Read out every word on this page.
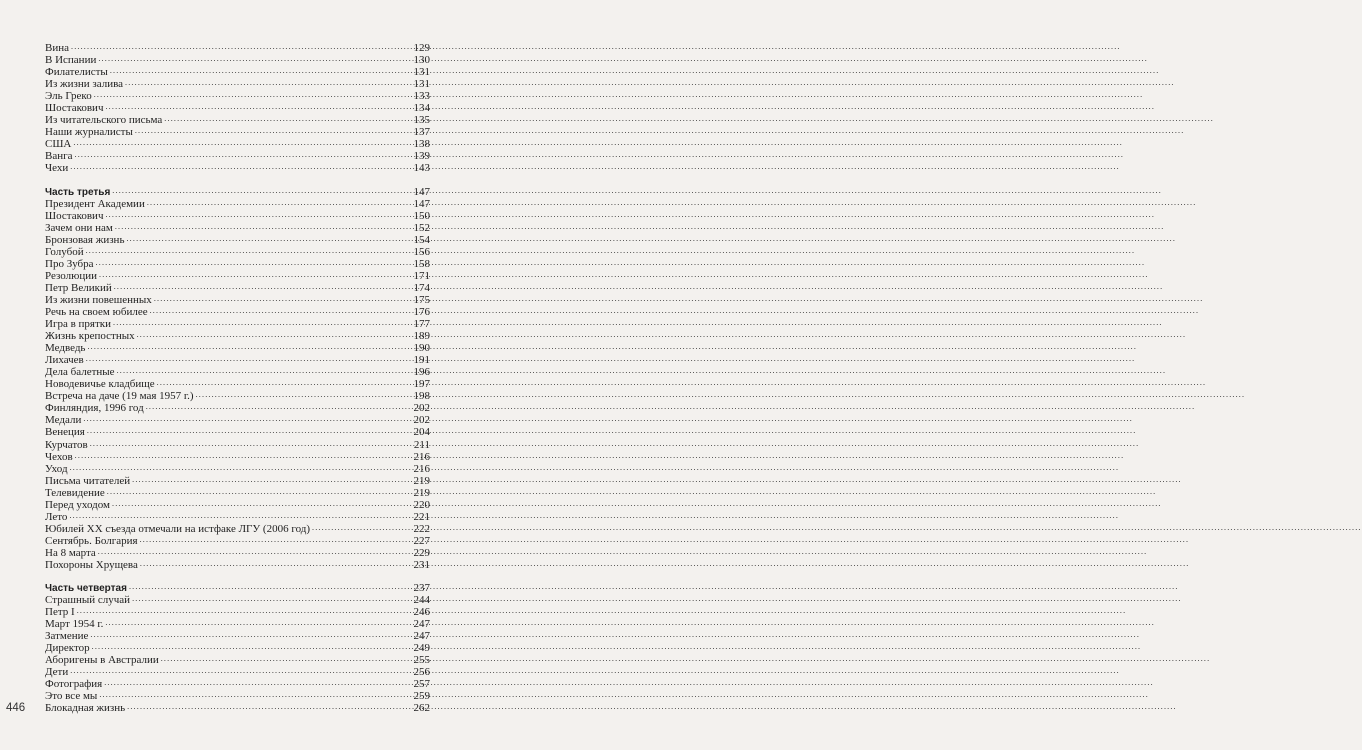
Вина .....	129
В Испании .....	130
Филателисты .....	131
Из жизни залива .....	131
Эль Греко .....	133
Шостакович .....	134
Из читательского письма .....	135
Наши журналисты .....	137
США .....	138
Ванга .....	139
Чехи .....	143
Часть третья .....	147
Президент Академии .....	147
Шостакович .....	150
Зачем они нам .....	152
Бронзовая жизнь .....	154
Голубой .....	156
Про Зубра .....	158
Резолюции .....	171
Петр Великий .....	174
Из жизни повешенных .....	175
Речь на своем юбилее .....	176
Игра в прятки .....	177
Жизнь крепостных .....	189
Медведь .....	190
Лихачев .....	191
Дела балетные .....	196
Новодевичье кладбище .....	197
Встреча на даче (19 мая 1957 г.) .....	198
Финляндия, 1996 год .....	202
Медали .....	202
Венеция .....	204
Курчатов .....	211
Чехов .....	216
Уход .....	216
Письма читателей .....	219
Телевидение .....	219
Перед уходом .....	220
Лето .....	221
Юбилей XX съезда отмечали на истфаке ЛГУ (2006 год) .....	222
Сентябрь. Болгария .....	227
На 8 марта .....	229
Похороны Хрущева .....	231
Часть четвертая .....	237
Страшный случай .....	244
Петр I .....	246
Март 1954 г. .....	247
Затмение .....	247
Директор .....	249
Аборигены в Австралии .....	255
Дети .....	256
Фотография .....	257
Это все мы .....	259
Блокадная жизнь .....	262
446
